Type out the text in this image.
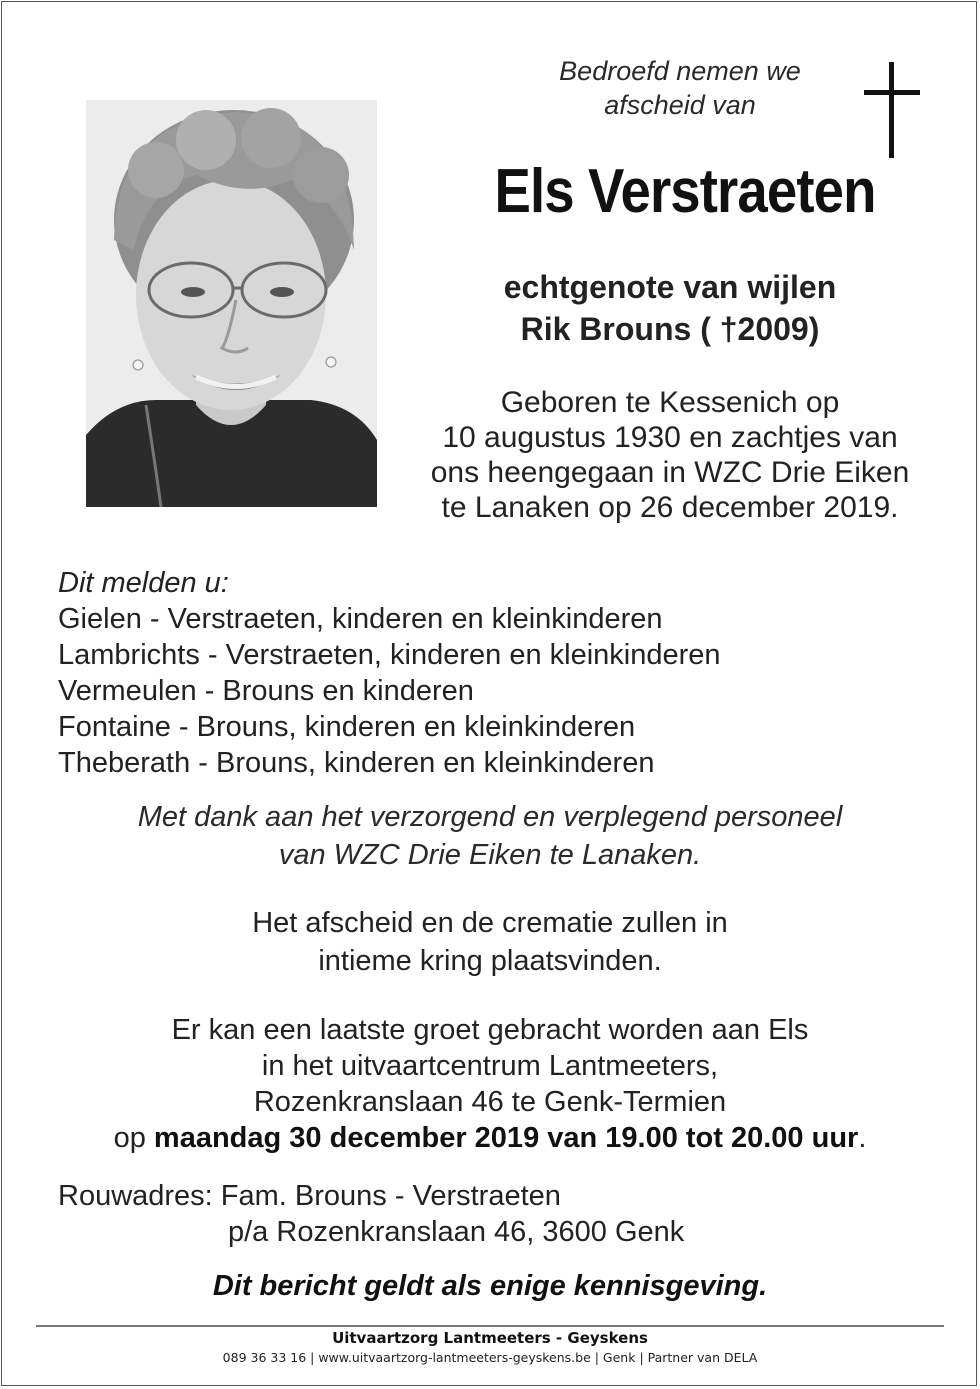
Bedroefd nemen we
afscheid van
Els Verstraeten
echtgenote van wijlen
Rik Brouns ( †2009)
Geboren te Kessenich op
10 augustus 1930 en zachtjes van
ons heengegaan in WZC Drie Eiken
te Lanaken op 26 december 2019.
Dit melden u:
Gielen - Verstraeten, kinderen en kleinkinderen
Lambrichts - Verstraeten, kinderen en kleinkinderen
Vermeulen - Brouns en kinderen
Fontaine - Brouns, kinderen en kleinkinderen
Theberath - Brouns, kinderen en kleinkinderen
Met dank aan het verzorgend en verplegend personeel
van WZC Drie Eiken te Lanaken.
Het afscheid en de crematie zullen in
intieme kring plaatsvinden.
Er kan een laatste groet gebracht worden aan Els
in het uitvaartcentrum Lantmeeters,
Rozenkranslaan 46 te Genk-Termien
op maandag 30 december 2019 van 19.00 tot 20.00 uur.
Rouwadres: Fam. Brouns - Verstraeten
p/a Rozenkranslaan 46, 3600 Genk
Dit bericht geldt als enige kennisgeving.
Uitvaartzorg Lantmeeters - Geyskens
089 36 33 16 | www.uitvaartzorg-lantmeeters-geyskens.be | Genk | Partner van DELA
